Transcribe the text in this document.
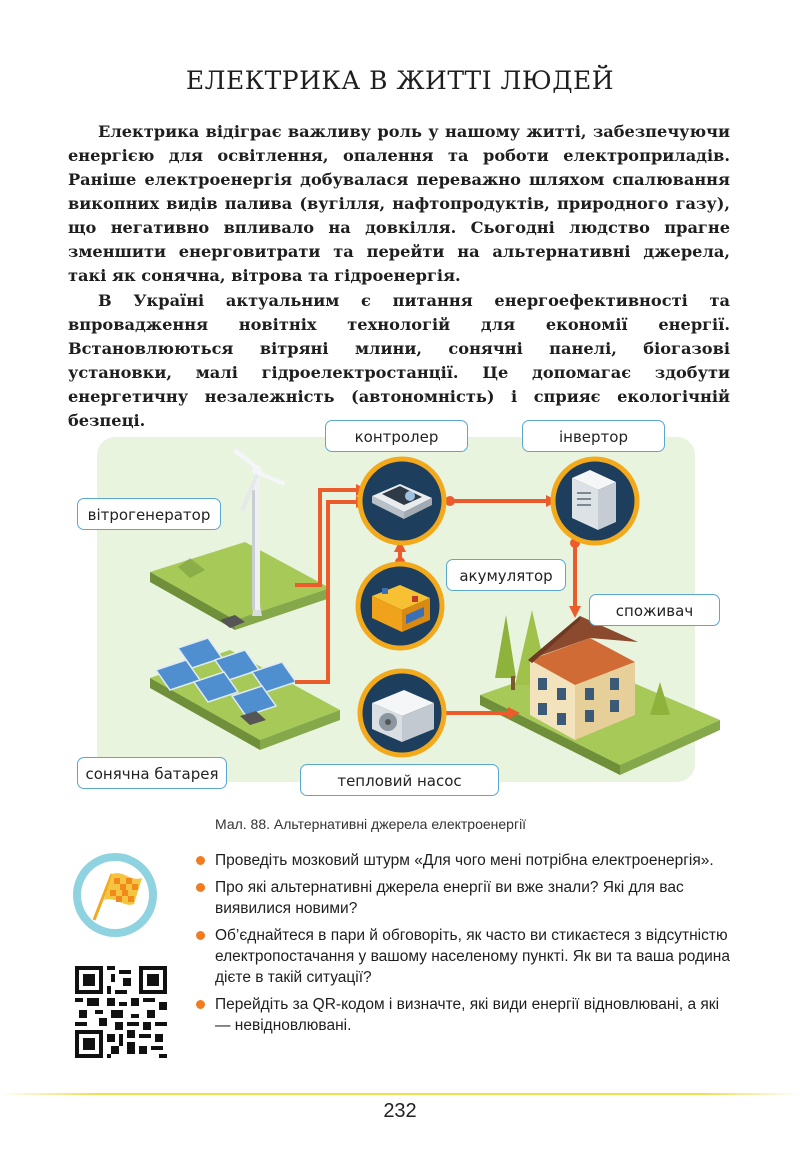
ЕЛЕКТРИКА В ЖИТТІ ЛЮДЕЙ

Електрика відіграє важливу роль у нашому житті, забезпечуючи енергією для освітлення, опалення та роботи електроприладів. Раніше електроенергія добувалася переважно шляхом спалювання викопних видів палива (вугілля, нафтопродуктів, природного газу), що негативно впливало на довкілля. Сьогодні людство прагне зменшити енерговитрати та перейти на альтернативні джерела, такі як сонячна, вітрова та гідроенергія.

В Україні актуальним є питання енергоефективності та впровадження новітніх технологій для економії енергії. Встановлюються вітряні млини, сонячні панелі, біогазові установки, малі гідроелектростанції. Це допомагає здобути енергетичну незалежність (автономність) і сприяє екологічній безпеці.

вітрогенератор
контролер	інвертор
акумулятор
споживач
сонячна батарея	тепловий насос

Мал. 88. Альтернативні джерела електроенергії

Проведіть мозковий штурм «Для чого мені потрібна електроенергія».
Про які альтернативні джерела енергії ви вже знали? Які для вас виявилися новими?
Об’єднайтеся в пари й обговоріть, як часто ви стикаєтеся з відсутністю електропостачання у вашому населеному пункті. Як ви та ваша родина дієте в такій ситуації?
Перейдіть за QR-кодом і визначте, які види енергії відновлювані, а які — невідновлювані.
232
